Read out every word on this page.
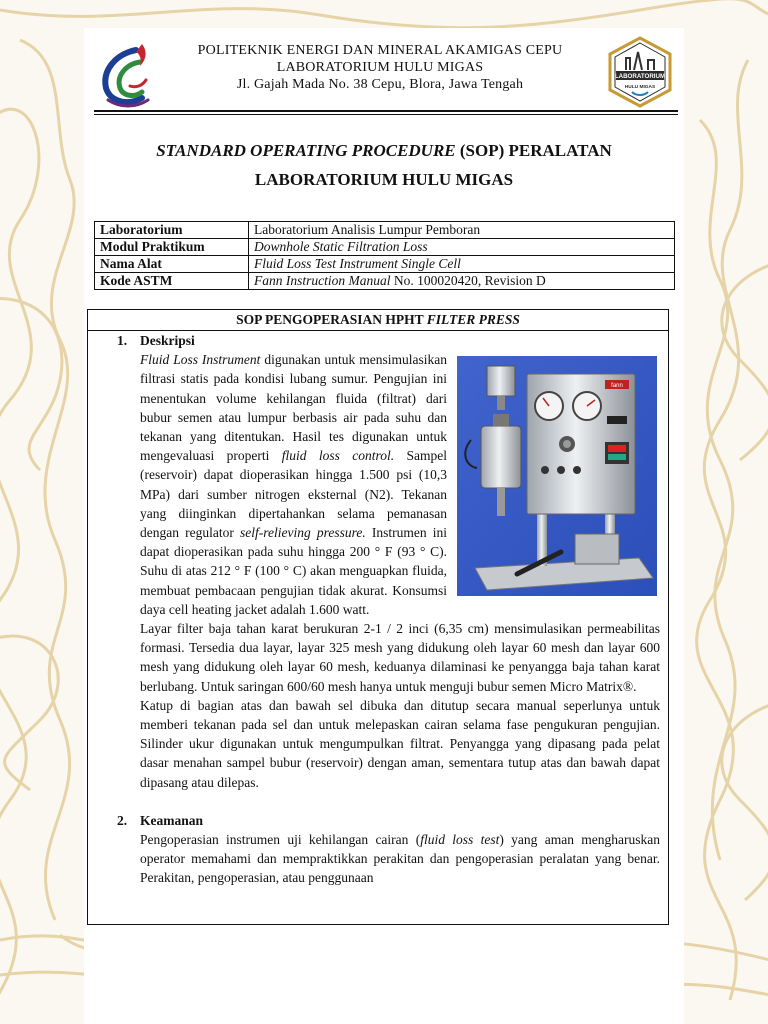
LABORATORIUM
HULU MIGAS
POLITEKNIK ENERGI DAN MINERAL AKAMIGAS CEPU
LABORATORIUM HULU MIGAS
Jl. Gajah Mada No. 38 Cepu, Blora, Jawa Tengah
STANDARD OPERATING PROCEDURE (SOP) PERALATAN
LABORATORIUM HULU MIGAS
Laboratorium	Laboratorium Analisis Lumpur Pemboran
Modul Praktikum	Downhole Static Filtration Loss
Nama Alat	Fluid Loss Test Instrument Single Cell
Kode ASTM	Fann Instruction Manual No. 100020420, Revision D
SOP PENGOPERASIAN HPHT FILTER PRESS
1. Deskripsi
fann

Fluid Loss Instrument digunakan untuk mensimulasikan filtrasi statis pada kondisi lubang sumur. Pengujian ini menentukan volume kehilangan fluida (filtrat) dari bubur semen atau lumpur berbasis air pada suhu dan tekanan yang ditentukan. Hasil tes digunakan untuk mengevaluasi properti fluid loss control. Sampel (reservoir) dapat dioperasikan hingga 1.500 psi (10,3 MPa) dari sumber nitrogen eksternal (N2). Tekanan yang diinginkan dipertahankan selama pemanasan dengan regulator self-relieving pressure. Instrumen ini dapat dioperasikan pada suhu hingga 200 ° F (93 ° C). Suhu di atas 212 ° F (100 ° C) akan menguapkan fluida, membuat pembacaan pengujian tidak akurat. Konsumsi daya cell heating jacket adalah 1.600 watt.

Layar filter baja tahan karat berukuran 2-1 / 2 inci (6,35 cm) mensimulasikan permeabilitas formasi. Tersedia dua layar, layar 325 mesh yang didukung oleh layar 60 mesh dan layar 600 mesh yang didukung oleh layar 60 mesh, keduanya dilaminasi ke penyangga baja tahan karat berlubang. Untuk saringan 600/60 mesh hanya untuk menguji bubur semen Micro Matrix®.

Katup di bagian atas dan bawah sel dibuka dan ditutup secara manual seperlunya untuk memberi tekanan pada sel dan untuk melepaskan cairan selama fase pengukuran pengujian. Silinder ukur digunakan untuk mengumpulkan filtrat. Penyangga yang dipasang pada pelat dasar menahan sampel bubur (reservoir) dengan aman, sementara tutup atas dan bawah dapat dipasang atau dilepas.

2. Keamanan

Pengoperasian instrumen uji kehilangan cairan (fluid loss test) yang aman mengharuskan operator memahami dan mempraktikkan perakitan dan pengoperasian peralatan yang benar. Perakitan, pengoperasian, atau penggunaan
